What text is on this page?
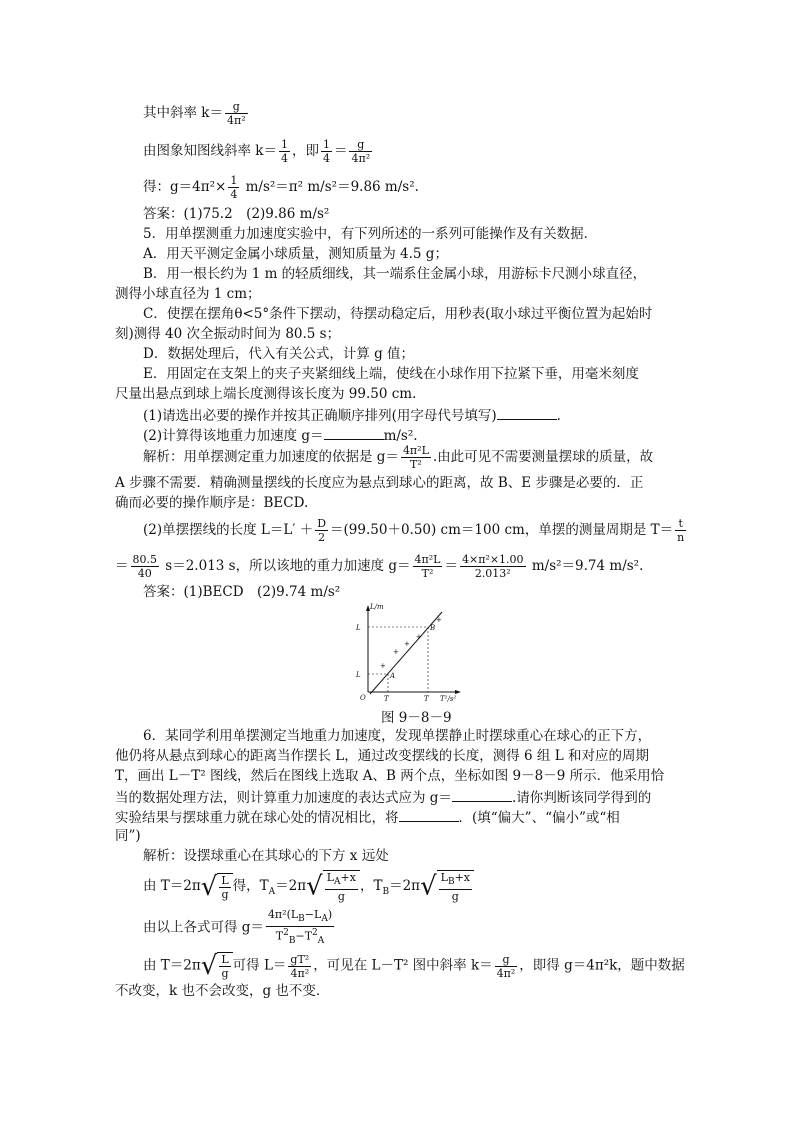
其中斜率 $k= \frac{g}{\text{4π²}}$
由图象知图线斜率 $k= \frac{1}{4}$ ，即 $\frac{1}{4} = \frac{g}{\text{4π²}}$
得：$g=4\pi^2\times \frac{1}{4} m/s^2=\pi^2$ m/s²＝9.86 m/s².
答案：(1)75.2　(2)9.86 m/s²
5．用单摆测重力加速度实验中，有下列所述的一系列可能操作及有关数据．
A．用天平测定金属小球质量，测知质量为 4.5 g；
B．用一根长约为 1 m 的轻质细线，其一端系住金属小球，用游标卡尺测小球直径，
测得小球直径为 1 cm；
C．使摆在摆角θ<5°条件下摆动，待摆动稳定后，用秒表(取小球过平衡位置为起始时
刻)测得 40 次全振动时间为 80.5 s；
D．数据处理后，代入有关公式，计算 g 值；
E．用固定在支架上的夹子夹紧细线上端，使线在小球作用下拉紧下垂，用毫米刻度
尺量出悬点到球上端长度测得该长度为 99.50 cm.
(1)请选出必要的操作并按其正确顺序排列(用字母代号填写)	．
(2)计算得该地重力加速度 g＝	m/s².
解析：用单摆测定重力加速度的依据是 $g= \frac{\text{4π²L}}{\text{T²}}$ .由此可见不需要测量摆球的质量，故
A 步骤不需要．精确测量摆线的长度应为悬点到球心的距离，故 B、E 步骤是必要的．正
确而必要的操作顺序是：BECD.
(2)单摆摆线的长度 $L=L' + \frac{D}{2} =(99.50+0.50)$ cm＝100 cm，单摆的测量周期是 $T= \frac{t}{n}$
＝ $\frac{80.5}{40} s=2.013$ s，所以该地的重力加速度 $g= \frac{\text{4π²L}}{\text{T²}} = \frac{\text{4×π²×1.00}}{\text{2.013²}} m/s^2=9.74$ m/s².
答案：(1)BECD　(2)9.74 m/s²
+
+
+
+
+
L/m
T²/s²
L
L
T	T
A
B
O
图 9－8－9
6．某同学利用单摆测定当地重力加速度，发现单摆静止时摆球重心在球心的正下方，
他仍将从悬点到球心的距离当作摆长 L，通过改变摆线的长度，测得 6 组 L 和对应的周期
T，画出 L－T² 图线，然后在图线上选取 A、B 两个点，坐标如图 9－8－9 所示．他采用恰
当的数据处理方法，则计算重力加速度的表达式应为 g＝	.请你判断该同学得到的
实验结果与摆球重力就在球心处的情况相比，将	．(填“偏大”、“偏小”或“相
同”)
解析：设摆球重心在其球心的下方 x 远处
由 $T=2\pi√ \frac{L}{g}$ 得，$T_A=2\pi√ \frac{L_A+x}{g}$ ，$T_B=2\pi√ \frac{L_B+x}{g}$
由以上各式可得 $g= \frac{4\pi^2(L_B-L_A)}{T^2_B-T^2_A}$
由 $T=2\pi√ \frac{L}{g}$ 可得 $L= \frac{\text{gT²}}{\text{4π²}}$ ，可见在 L－T² 图中斜率 $k= \frac{g}{\text{4π²}}$ ，即得 g＝4π²k，题中数据
不改变，k 也不会改变，g 也不变．
